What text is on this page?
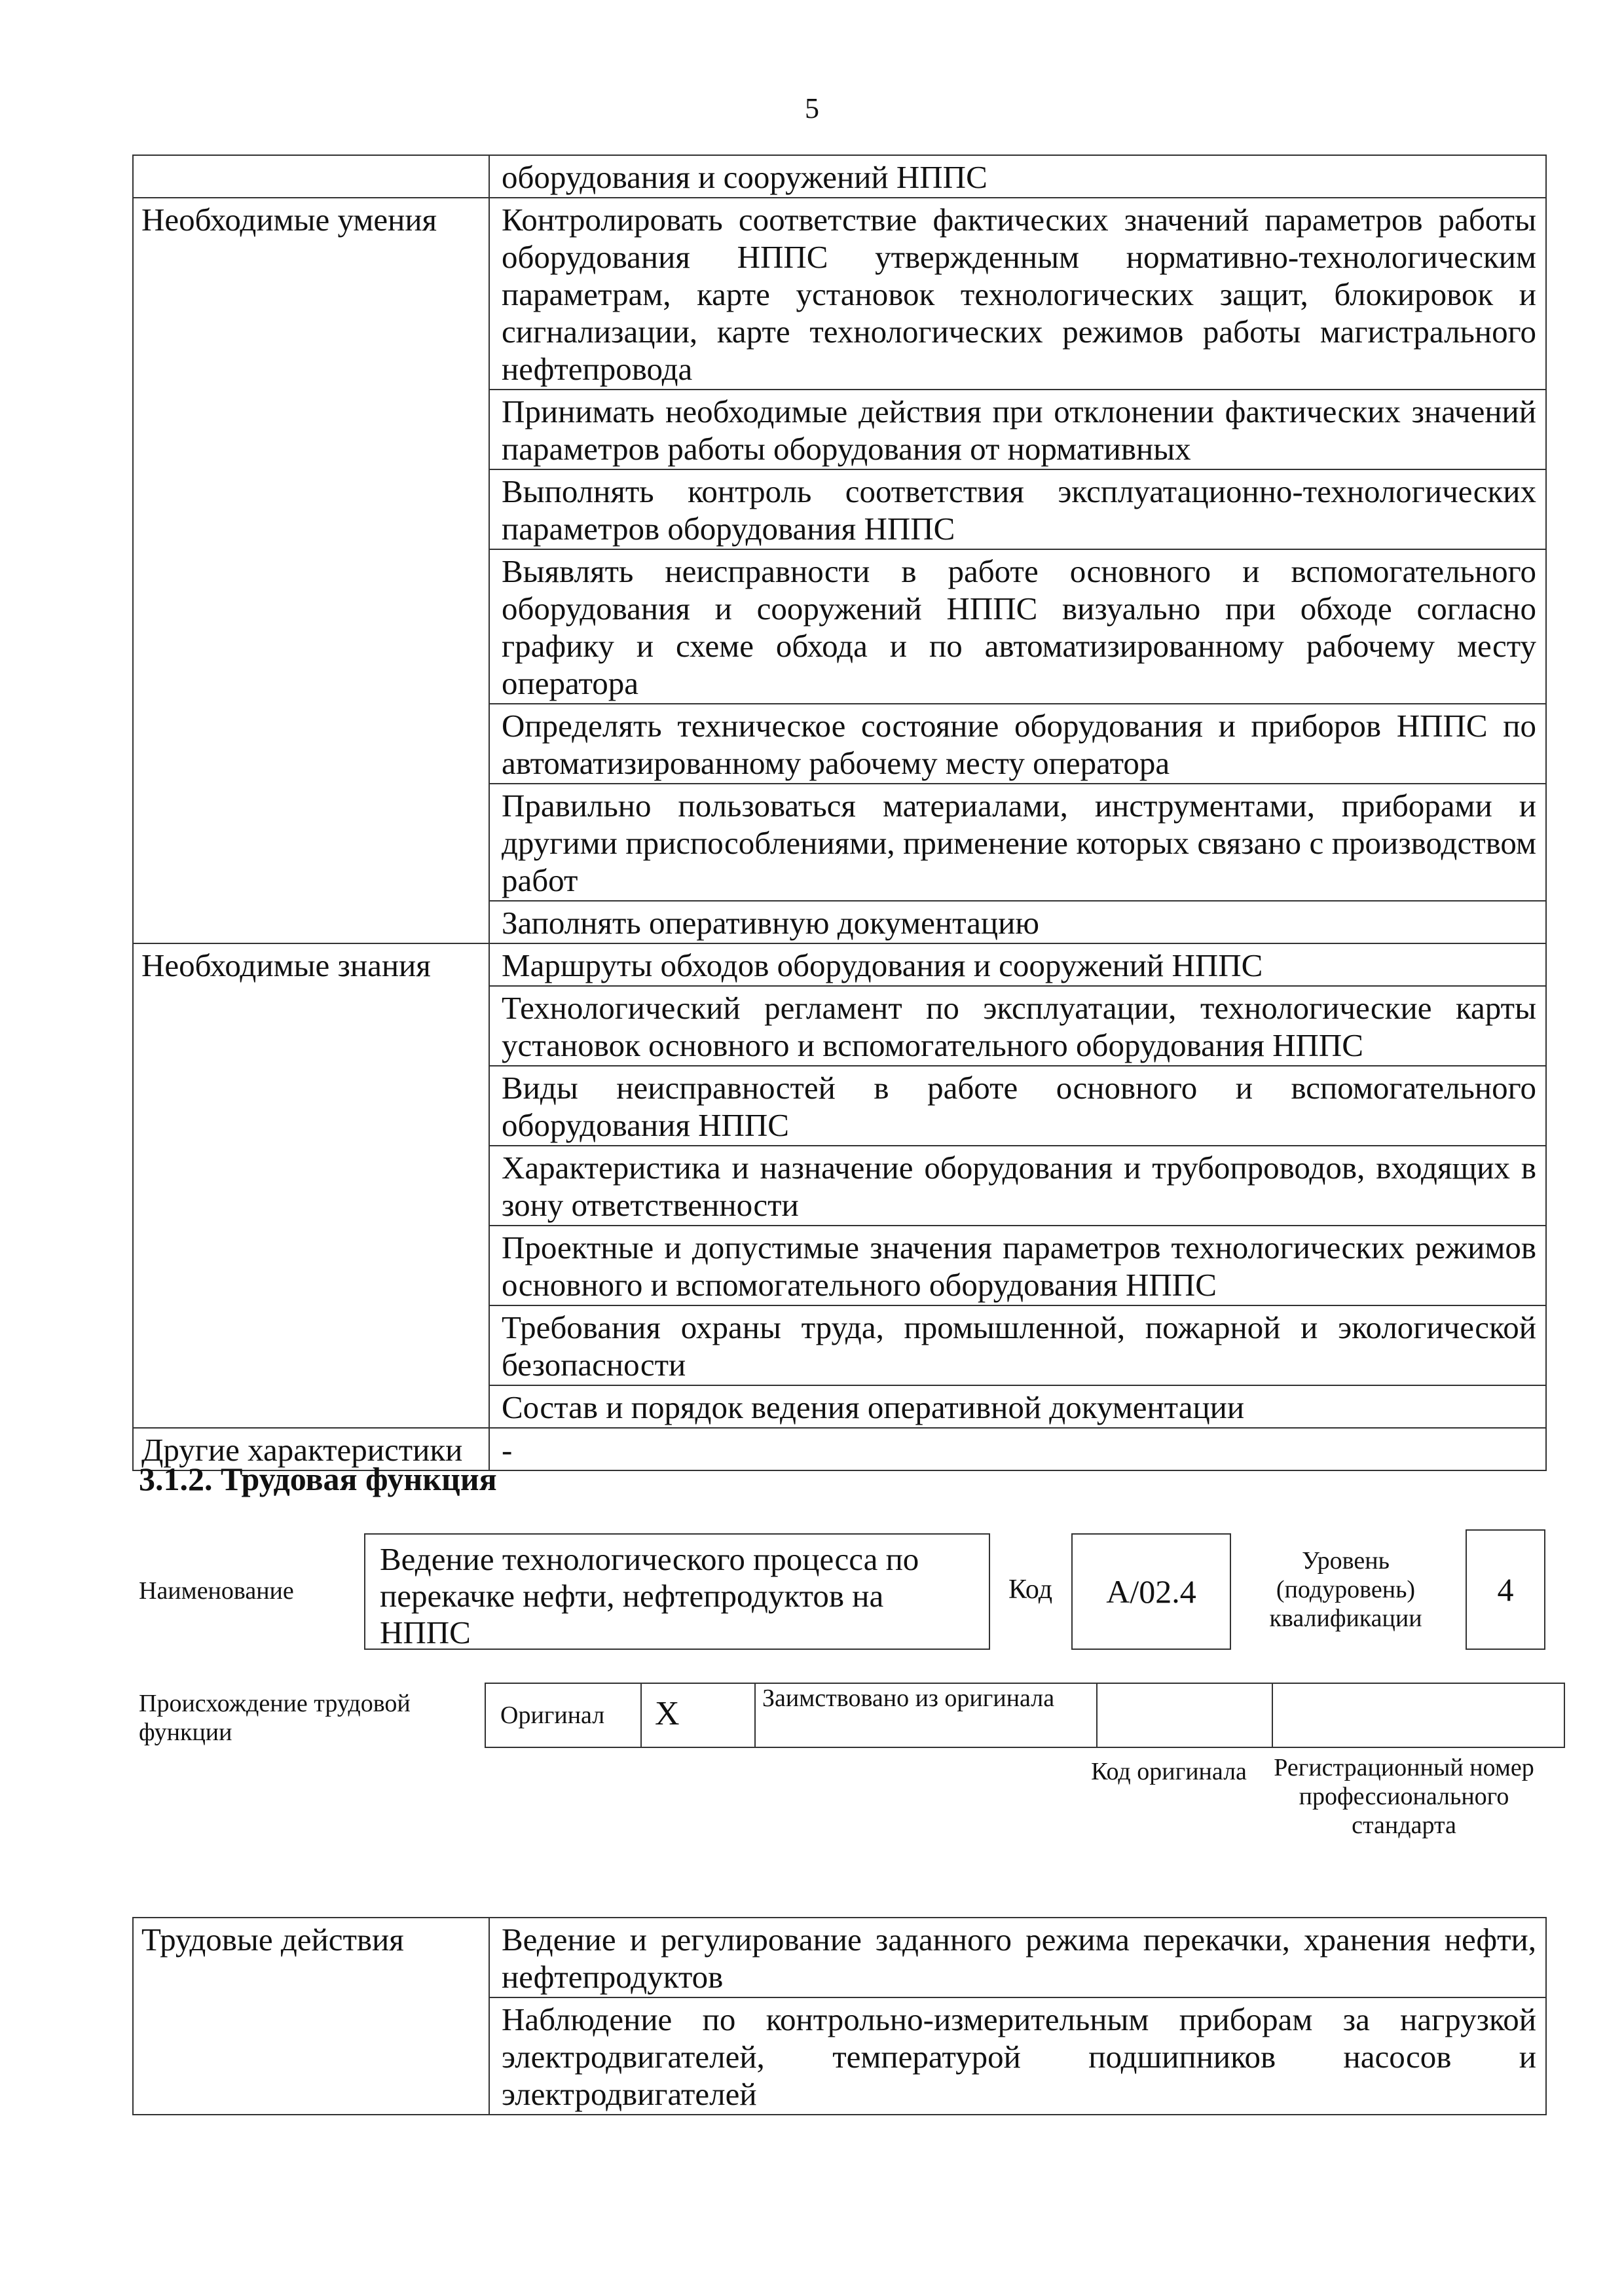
5
	оборудования и сооружений НППС
Необходимые умения	Контролировать соответствие фактических значений параметров работы оборудования НППС утвержденным нормативно-технологическим параметрам, карте установок технологических защит, блокировок и сигнализации, карте технологических режимов работы магистрального нефтепровода
	Принимать необходимые действия при отклонении фактических значений параметров работы оборудования от нормативных
	Выполнять контроль соответствия эксплуатационно-технологических параметров оборудования НППС
	Выявлять неисправности в работе основного и вспомогательного оборудования и сооружений НППС визуально при обходе согласно графику и схеме обхода и по автоматизированному рабочему месту оператора
	Определять техническое состояние оборудования и приборов НППС по автоматизированному рабочему месту оператора
	Правильно пользоваться материалами, инструментами, приборами и другими приспособлениями, применение которых связано с производством работ
	Заполнять оперативную документацию
Необходимые знания	Маршруты обходов оборудования и сооружений НППС
	Технологический регламент по эксплуатации, технологические карты установок основного и вспомогательного оборудования НППС
	Виды неисправностей в работе основного и вспомогательного оборудования НППС
	Характеристика и назначение оборудования и трубопроводов, входящих в зону ответственности
	Проектные и допустимые значения параметров технологических режимов основного и вспомогательного оборудования НППС
	Требования охраны труда, промышленной, пожарной и экологической безопасности
	Состав и порядок ведения оперативной документации
Другие характеристики	-
3.1.2. Трудовая функция
Наименование
Ведение технологического процесса по перекачке нефти, нефтепродуктов на НППС
Код	А/02.4
Уровень
(подуровень)
квалификации
4
Происхождение трудовой функции
Оригинал	X	Заимствовано из оригинала		
Код оригинала	Регистрационный номер профессионального стандарта
Трудовые действия	Ведение и регулирование заданного режима перекачки, хранения нефти, нефтепродуктов
Наблюдение по контрольно-измерительным приборам за нагрузкой электродвигателей, температурой подшипников насосов и электродвигателей
